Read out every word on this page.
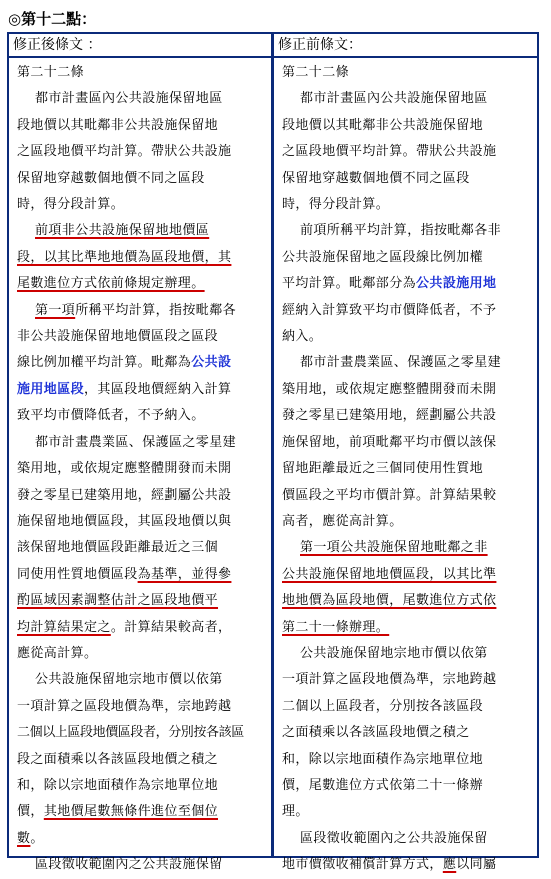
◎第十二點：
修正後條文 ：	修正前條文：

第二十二條
都市計畫區內公共設施保留地區
段地價以其毗鄰非公共設施保留地
之區段地價平均計算。帶狀公共設施
保留地穿越數個地價不同之區段
時，得分段計算。
前項非公共設施保留地地價區
段，以其比準地地價為區段地價，其
尾數進位方式依前條規定辦理。
第一項所稱平均計算，指按毗鄰各
非公共設施保留地地價區段之區段
線比例加權平均計算。毗鄰為公共設
施用地區段，其區段地價經納入計算
致平均市價降低者，不予納入。
都市計畫農業區、保護區之零星建
築用地，或依規定應整體開發而未開
發之零星已建築用地，經劃屬公共設
施保留地地價區段，其區段地價以與
該保留地地價區段距離最近之三個
同使用性質地價區段為基準，並得參
酌區域因素調整估計之區段地價平
均計算結果定之。計算結果較高者，
應從高計算。
公共設施保留地宗地市價以依第
一項計算之區段地價為準，宗地跨越
二個以上區段地價區段者，分別按各該區
段之面積乘以各該區段地價之積之
和，除以宗地面積作為宗地單位地
價，其地價尾數無條件進位至個位
數。
區段徵收範圍內之公共設施保留

第二十二條
都市計畫區內公共設施保留地區
段地價以其毗鄰非公共設施保留地
之區段地價平均計算。帶狀公共設施
保留地穿越數個地價不同之區段
時，得分段計算。
前項所稱平均計算，指按毗鄰各非
公共設施保留地之區段線比例加權
平均計算。毗鄰部分為公共設施用地
經納入計算致平均市價降低者，不予
納入。
都市計畫農業區、保護區之零星建
築用地，或依規定應整體開發而未開
發之零星已建築用地，經劃屬公共設
施保留地，前項毗鄰平均市價以該保
留地距離最近之三個同使用性質地
價區段之平均市價計算。計算結果較
高者，應從高計算。
第一項公共設施保留地毗鄰之非
公共設施保留地地價區段，以其比準
地地價為區段地價，尾數進位方式依
第二十一條辦理。
公共設施保留地宗地市價以依第
一項計算之區段地價為準，宗地跨越
二個以上區段者，分別按各該區段
之面積乘以各該區段地價之積之
和，除以宗地面積作為宗地單位地
價，尾數進位方式依第二十一條辦
理。
區段徵收範圍內之公共設施保留
地市價徵收補償計算方式，應以同屬
